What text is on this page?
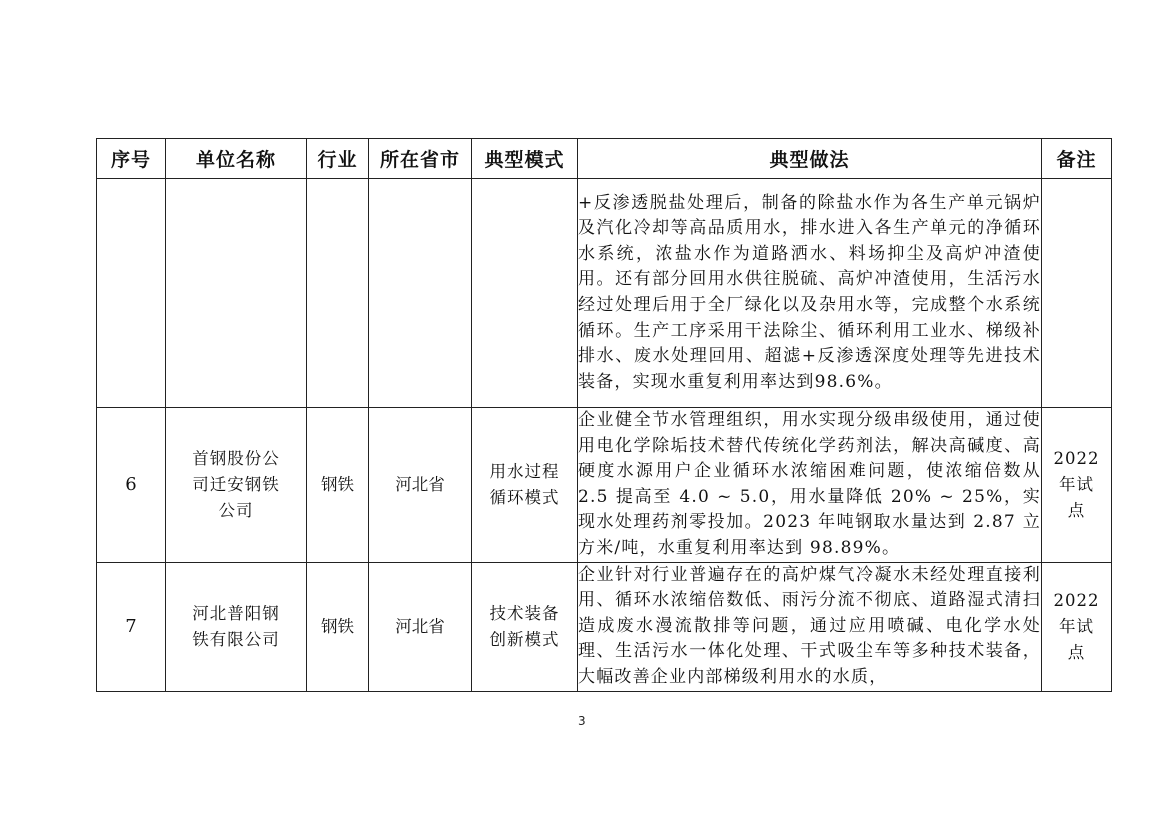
序号	单位名称	行业	所在省市	典型模式	典型做法	备注
					+反渗透脱盐处理后，制备的除盐水作为各生产单元锅炉及汽化冷却等高品质用水，排水进入各生产单元的净循环水系统，浓盐水作为道路洒水、料场抑尘及高炉冲渣使用。还有部分回用水供往脱硫、高炉冲渣使用，生活污水经过处理后用于全厂绿化以及杂用水等，完成整个水系统循环。生产工序采用干法除尘、循环利用工业水、梯级补排水、废水处理回用、超滤+反渗透深度处理等先进技术装备，实现水重复利用率达到98.6%。	
6	首钢股份公司迁安钢铁公司	钢铁	河北省	用水过程循环模式	企业健全节水管理组织，用水实现分级串级使用，通过使用电化学除垢技术替代传统化学药剂法，解决高碱度、高硬度水源用户企业循环水浓缩困难问题，使浓缩倍数从 2.5 提高至 4.0 ~ 5.0，用水量降低 20% ~ 25%，实现水处理药剂零投加。2023 年吨钢取水量达到 2.87 立方米/吨，水重复利用率达到 98.89%。	2022年试点
7	河北普阳钢铁有限公司	钢铁	河北省	技术装备创新模式	企业针对行业普遍存在的高炉煤气冷凝水未经处理直接利用、循环水浓缩倍数低、雨污分流不彻底、道路湿式清扫造成废水漫流散排等问题，通过应用喷碱、电化学水处理、生活污水一体化处理、干式吸尘车等多种技术装备，大幅改善企业内部梯级利用水的水质，	2022年试点
3
